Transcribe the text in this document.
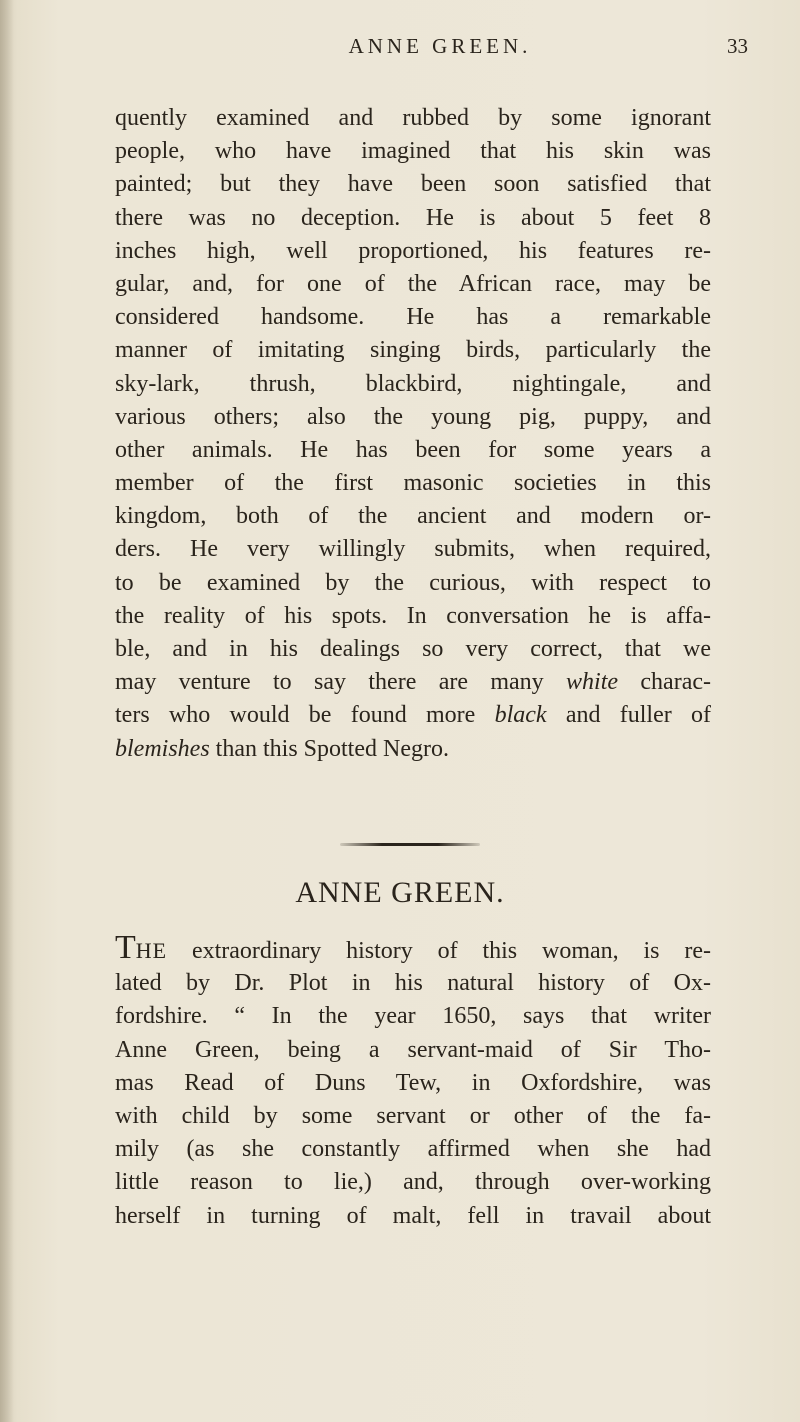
ANNE GREEN.	33
quently examined and rubbed by some ignorant
people, who have imagined that his skin was
painted; but they have been soon satisfied that
there was no deception. He is about 5 feet 8
inches high, well proportioned, his features re-
gular, and, for one of the African race, may be
considered handsome. He has a remarkable
manner of imitating singing birds, particularly the
sky-lark, thrush, blackbird, nightingale, and
various others; also the young pig, puppy, and
other animals. He has been for some years a
member of the first masonic societies in this
kingdom, both of the ancient and modern or-
ders. He very willingly submits, when required,
to be examined by the curious, with respect to
the reality of his spots. In conversation he is affa-
ble, and in his dealings so very correct, that we
may venture to say there are many white charac-
ters who would be found more black and fuller of
blemishes than this Spotted Negro.
ANNE GREEN.
THE extraordinary history of this woman, is re-
lated by Dr. Plot in his natural history of Ox-
fordshire. “ In the year 1650, says that writer
Anne Green, being a servant-maid of Sir Tho-
mas Read of Duns Tew, in Oxfordshire, was
with child by some servant or other of the fa-
mily (as she constantly affirmed when she had
little reason to lie,) and, through over-working
herself in turning of malt, fell in travail about
